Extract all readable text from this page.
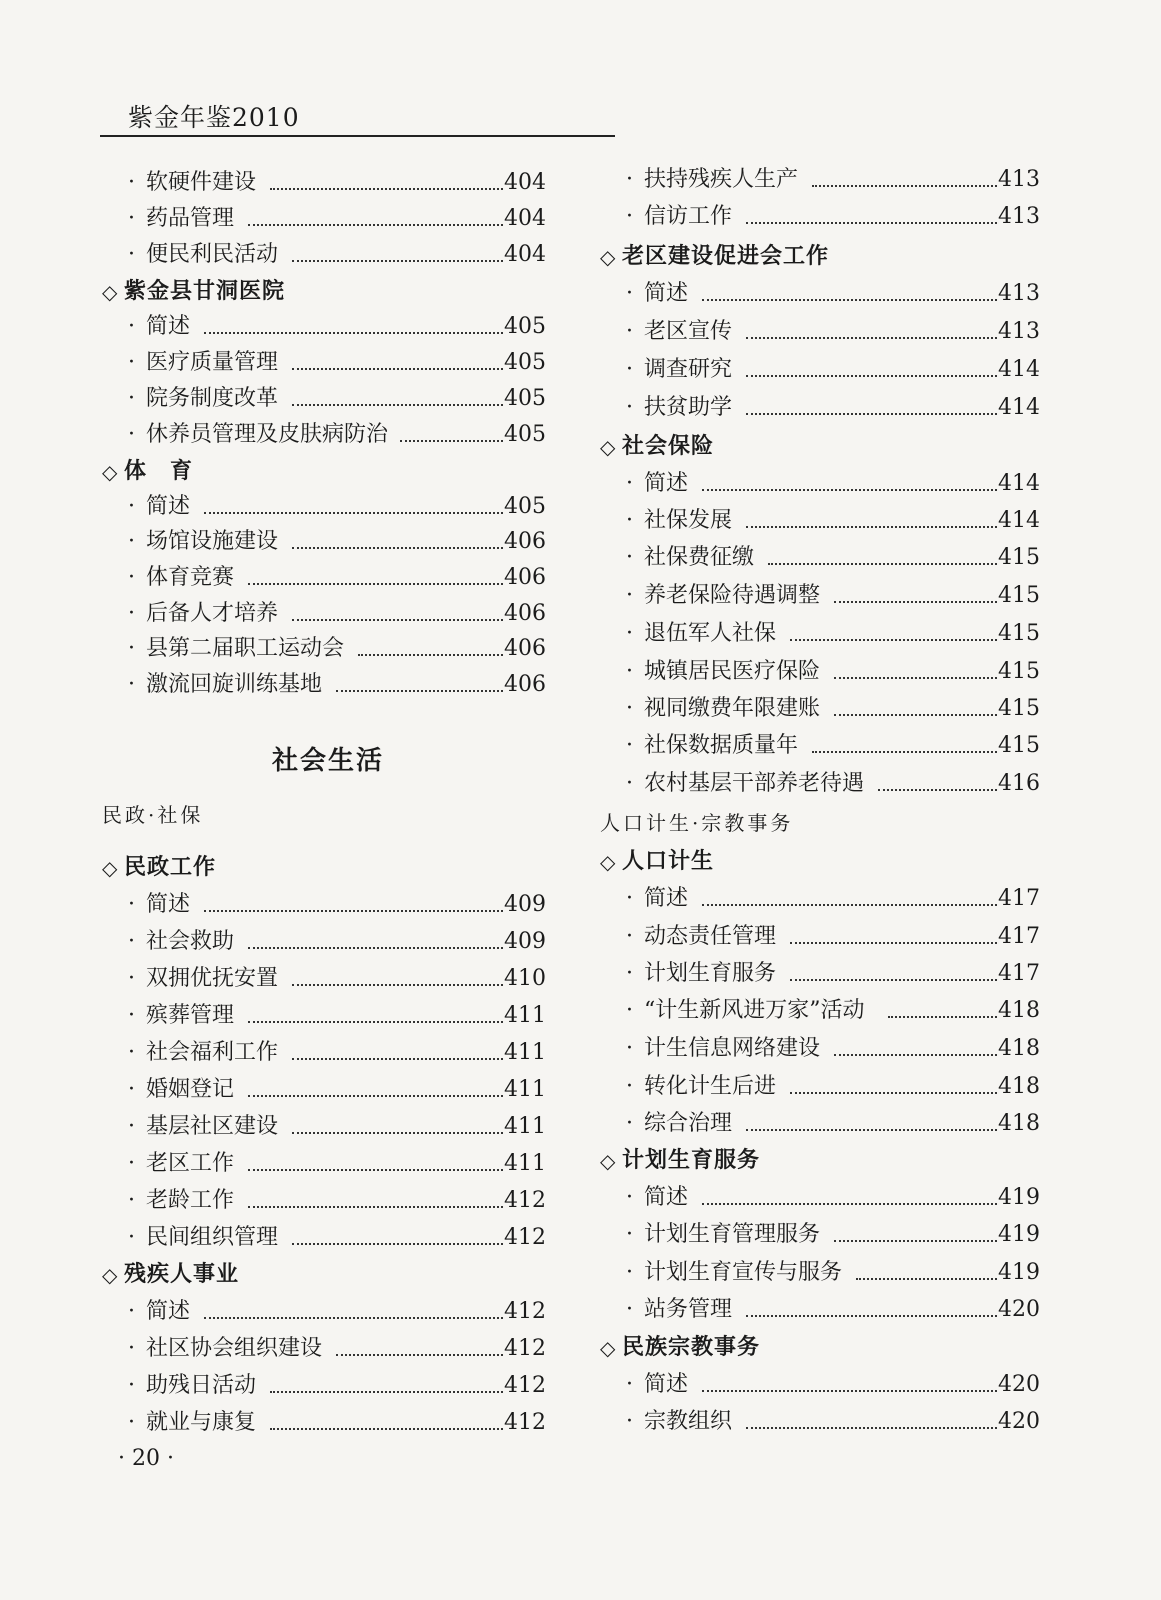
紫金年鉴2010
社会生活
· 软硬件建设	404
· 药品管理	404
· 便民利民活动	404
◇ 紫金县甘洞医院
· 简述	405
· 医疗质量管理	405
· 院务制度改革	405
· 休养员管理及皮肤病防治	405
◇ 体　育
· 简述	405
· 场馆设施建设	406
· 体育竞赛	406
· 后备人才培养	406
· 县第二届职工运动会	406
· 激流回旋训练基地	406
民政·社保
◇ 民政工作
· 简述	409
· 社会救助	409
· 双拥优抚安置	410
· 殡葬管理	411
· 社会福利工作	411
· 婚姻登记	411
· 基层社区建设	411
· 老区工作	411
· 老龄工作	412
· 民间组织管理	412
◇ 残疾人事业
· 简述	412
· 社区协会组织建设	412
· 助残日活动	412
· 就业与康复	412
· 扶持残疾人生产	413
· 信访工作	413
◇ 老区建设促进会工作
· 简述	413
· 老区宣传	413
· 调查研究	414
· 扶贫助学	414
◇ 社会保险
· 简述	414
· 社保发展	414
· 社保费征缴	415
· 养老保险待遇调整	415
· 退伍军人社保	415
· 城镇居民医疗保险	415
· 视同缴费年限建账	415
· 社保数据质量年	415
· 农村基层干部养老待遇	416
人口计生·宗教事务
◇ 人口计生
· 简述	417
· 动态责任管理	417
· 计划生育服务	417
· “计生新风进万家”活动	418
· 计生信息网络建设	418
· 转化计生后进	418
· 综合治理	418
◇ 计划生育服务
· 简述	419
· 计划生育管理服务	419
· 计划生育宣传与服务	419
· 站务管理	420
◇ 民族宗教事务
· 简述	420
· 宗教组织	420
· 20 ·
